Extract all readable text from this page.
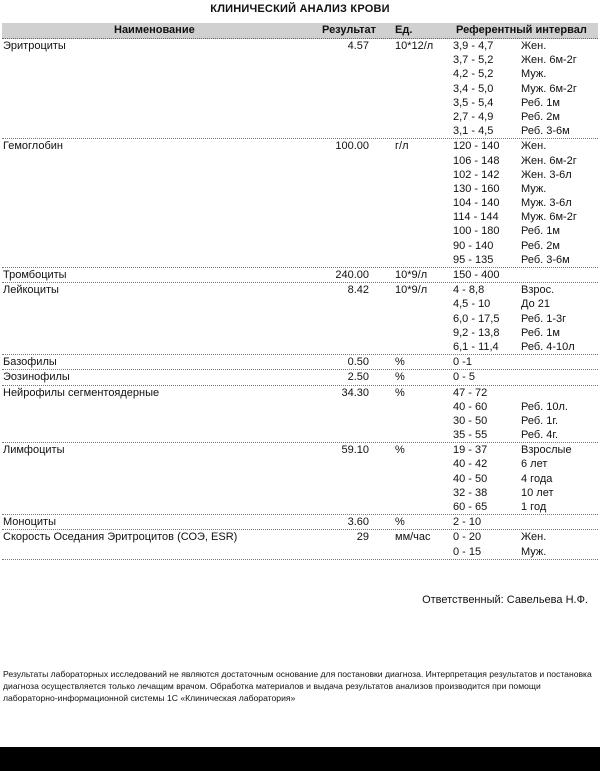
КЛИНИЧЕСКИЙ АНАЛИЗ КРОВИ
Наименование	Результат Ед.	Референтный интервал
Эритроциты	4.57 10*12/л 3,9 - 4,7	Жен.
3,7 - 5,2	Жен. 6м-2г
4,2 - 5,2	Муж.
3,4 - 5,0	Муж. 6м-2г
3,5 - 5,4	Реб. 1м
2,7 - 4,9	Реб. 2м
3,1 - 4,5	Реб. 3-6м
Гемоглобин	100.00 г/л	120 - 140 Жен.
106 - 148 Жен. 6м-2г
102 - 142 Жен. 3-6л
130 - 160 Муж.
104 - 140 Муж. 3-6л
114 - 144 Муж. 6м-2г
100 - 180 Реб. 1м
90 - 140	Реб. 2м
95 - 135	Реб. 3-6м
Тромбоциты	240.00 10*9/л 150 - 400
Лейкоциты	8.42 10*9/л 4 - 8,8	Взрос.
4,5 - 10	До 21
6,0 - 17,5 Реб. 1-3г
9,2 - 13,8 Реб. 1м
6,1 - 11,4 Реб. 4-10л
Базофилы	0.50 %	0 -1
Эозинофилы	2.50 %	0 - 5
Нейрофилы сегментоядерные	34.30 %	47 - 72
40 - 60	Реб. 10л.
30 - 50	Реб. 1г.
35 - 55	Реб. 4г.
Лимфоциты	59.10 %	19 - 37	Взрослые
40 - 42	6 лет
40 - 50	4 года
32 - 38	10 лет
60 - 65	1 год
Моноциты	3.60 %	2 - 10
Скорость Оседания Эритроцитов (СОЭ, ESR)	29 мм/час 0 - 20	Жен.
0 - 15	Муж.
Ответственный: Савельева Н.Ф.
Результаты лабораторных исследований не являются достаточным основание для постановки диагноза. Интерпретация результатов и постановка диагноза осуществляется только лечащим врачом. Обработка материалов и выдача результатов анализов производится при помощи лабораторно-информационной системы 1С «Клиническая лаборатория»
